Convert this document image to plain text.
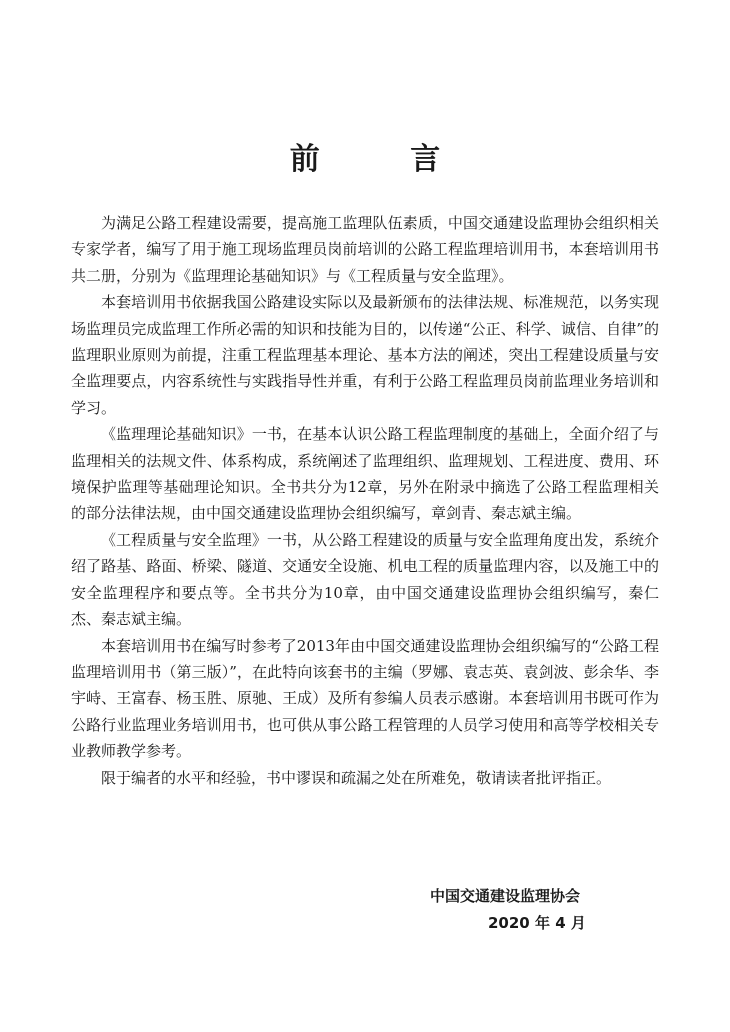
前 言

为满足公路工程建设需要，提高施工监理队伍素质，中国交通建设监理协会组织相关专家学者，编写了用于施工现场监理员岗前培训的公路工程监理培训用书，本套培训用书共二册，分别为《监理理论基础知识》与《工程质量与安全监理》。

本套培训用书依据我国公路建设实际以及最新颁布的法律法规、标准规范，以务实现场监理员完成监理工作所必需的知识和技能为目的，以传递“公正、科学、诚信、自律”的监理职业原则为前提，注重工程监理基本理论、基本方法的阐述，突出工程建设质量与安全监理要点，内容系统性与实践指导性并重，有利于公路工程监理员岗前监理业务培训和学习。

《监理理论基础知识》一书，在基本认识公路工程监理制度的基础上，全面介绍了与监理相关的法规文件、体系构成，系统阐述了监理组织、监理规划、工程进度、费用、环境保护监理等基础理论知识。全书共分为12章，另外在附录中摘选了公路工程监理相关的部分法律法规，由中国交通建设监理协会组织编写，章剑青、秦志斌主编。

《工程质量与安全监理》一书，从公路工程建设的质量与安全监理角度出发，系统介绍了路基、路面、桥梁、隧道、交通安全设施、机电工程的质量监理内容，以及施工中的安全监理程序和要点等。全书共分为10章，由中国交通建设监理协会组织编写，秦仁杰、秦志斌主编。

本套培训用书在编写时参考了2013年由中国交通建设监理协会组织编写的“公路工程监理培训用书（第三版）”，在此特向该套书的主编（罗娜、袁志英、袁剑波、彭余华、李宇峙、王富春、杨玉胜、原驰、王成）及所有参编人员表示感谢。本套培训用书既可作为公路行业监理业务培训用书，也可供从事公路工程管理的人员学习使用和高等学校相关专业教师教学参考。

限于编者的水平和经验，书中谬误和疏漏之处在所难免，敬请读者批评指正。

中国交通建设监理协会
2020 年 4 月
